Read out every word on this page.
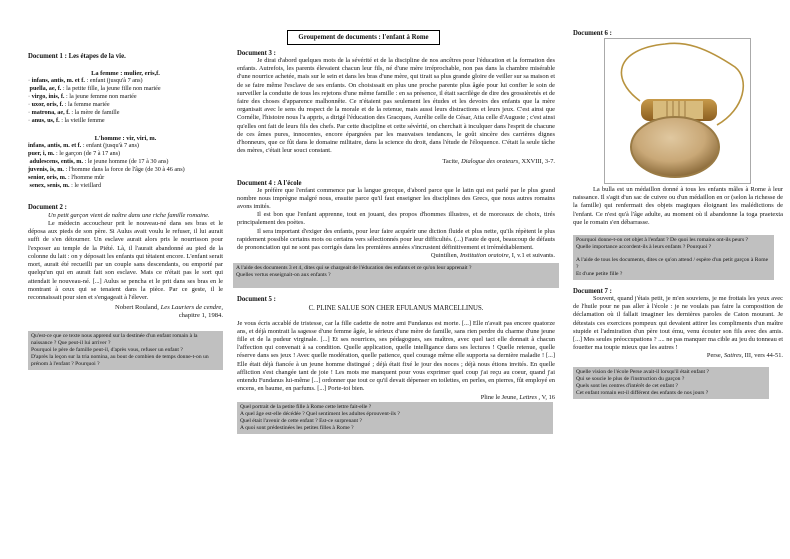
Groupement de documents : l'enfant à Rome

Document 1 : Les étapes de la vie.

La femme : mulier, eris,f.

· infans, antis, m. et f. : enfant (jusqu'à 7 ans)

puella, ae, f. : la petite fille, la jeune fille non mariée

· virgo, inis, f. : la jeune femme non mariée

· uxor, oris, f. : la femme mariée

· matrona, ae, f. : la mère de famille

· anus, us, f. : la vieille femme

L'homme : vir, viri, m.

infans, antis, m. et f. : enfant (jusqu'à 7 ans)

puer, i, m. : le garçon (de 7 à 17 ans)

adulescens, entis, m. : le jeune homme (de 17 à 30 ans)

juvenis, is, m. : l'homme dans la force de l'âge (de 30 à 46 ans)

senior, oris, m. : l'homme mûr

senex, senis, m. : le vieillard

Document 2 :

Un petit garçon vient de naître dans une riche famille romaine.

Le médecin accoucheur prit le nouveau-né dans ses bras et le déposa aux pieds de son père. Si Aulus avait voulu le refuser, il lui aurait suffi de s'en détourner. Un esclave aurait alors pris le nourrisson pour l'exposer au temple de la Piété. Là, il l'aurait abandonné au pied de la colonne du lait : on y déposait les enfants qui tètaient encore. L'enfant serait mort, aurait été recueilli par un couple sans descendants, ou emporté par quelqu'un qui en aurait fait son esclave. Mais ce n'était pas le sort qui attendait le nouveau-né. [...] Aulus se pencha et le prit dans ses bras en le montrant à ceux qui se tenaient dans la pièce. Par ce geste, il le reconnaissait pour sien et s'engageait à l'élever.

Nobert Rouland, Les Lauriers de cendre,

chapitre 1, 1984.

Qu'est-ce que ce texte nous apprend sur la destinée d'un enfant romain à la naissance ? Que peut-il lui arriver ?
Pourquoi le père de famille peut-il, d'après vous, refuser un enfant ?
D'après la leçon sur la tria nomina, au bout de combien de temps donne-t-on un prénom à l'enfant ? Pourquoi ?

Document 3 :

Je dirai d'abord quelques mots de la sévérité et de la discipline de nos ancêtres pour l'éducation et la formation des enfants. Autrefois, les parents élevaient chacun leur fils, né d'une mère irréprochable, non pas dans la chambre misérable d'une nourrice achetée, mais sur le sein et dans les bras d'une mère, qui tirait sa plus grande gloire de veiller sur sa maison et de se faire même l'esclave de ses enfants. On choisissait en plus une proche parente plus âgée pour lui confier le soin de surveiller la conduite de tous les rejetons d'une même famille : en sa présence, il était sacrilège de dire des grossièretés et de faire des choses d'apparence malhonnête. Ce n'étaient pas seulement les études et les devoirs des enfants que la mère organisait avec le sens du respect de la morale et de la retenue, mais aussi leurs distractions et leurs jeux. C'est ainsi que Cornélie, l'histoire nous l'a appris, a dirigé l'éducation des Gracques, Aurélie celle de César, Atia celle d'Auguste ; c'est ainsi qu'elles ont fait de leurs fils des chefs. Par cette discipline et cette sévérité, on cherchait à inculquer dans l'esprit de chacune de ces âmes pures, innocentes, encore épargnées par les mauvaises tendances, le goût sincère des carrières dignes d'honneurs, que ce fût dans le domaine militaire, dans la science du droit, dans l'étude de l'éloquence. C'était la seule tâche des mères, c'était leur souci constant.

Tacite, Dialogue des orateurs, XXVIII, 3-7.

Document 4 : A l'école

Je préfère que l'enfant commence par la langue grecque, d'abord parce que le latin qui est parlé par le plus grand nombre nous imprègne malgré nous, ensuite parce qu'il faut enseigner les disciplines des Grecs, que nous autres romains avons imités.

Il est bon que l'enfant apprenne, tout en jouant, des propos d'hommes illustres, et de morceaux de choix, tirés principalement des poètes.

Il sera important d'exiger des enfants, pour leur faire acquérir une diction fluide et plus nette, qu'ils répètent le plus rapidement possible certains mots ou certains vers sélectionnés pour leur difficultés. (...) Faute de quoi, beaucoup de défauts de prononciation qui ne sont pas corrigés dans les premières années s'incrustent définitivement et irrémédiablement.

Quintilien, Institution oratoire, I, v.1 et suivants.

A l'aide des documents 3 et 4, dites qui se chargeait de l'éducation des enfants et ce qu'on leur apprenait ?
Quelles vertus enseignait-on aux enfants ?

Document 5 :

C. PLINE SALUE SON CHER EFULANUS MARCELLINUS.

Je vous écris accablé de tristesse, car la fille cadette de notre ami Fundanus est morte. [...] Elle n'avait pas encore quatorze ans, et déjà montrait la sagesse d'une femme âgée, le sérieux d'une mère de famille, sans rien perdre du charme d'une jeune fille et de la pudeur virginale. [...] Et ses nourrices, ses pédagogues, ses maîtres, avec quel tact elle donnait à chacun l'affection qui convenait à sa condition. Quelle application, quelle intelligance dans ses lectures ! Quelle retenue, quelle réserve dans ses jeux ! Avec quelle modération, quelle patience, quel courage même elle supporta sa dernière maladie ! [...] Elle était déjà fiancée à un jeune homme distingué ; déjà était fixé le jour des noces ; déjà nous étions invités. En quelle affliction s'est changée tant de joie ! Les mots me manquent pour vous exprimer quel coup j'ai reçu au coeur, quand j'ai entendu Fundanus lui-même [...] ordonner que tout ce qu'il devait dépenser en toilettes, en perles, en pierres, fût employé en encens, en baume, en parfums. [...] Porte-toi bien.

Pline le Jeune, Lettres , V, 16

Quel portrait de la petite fille à Rome cette lettre fait-elle ?
A quel âge est-elle décédée ? Quel sentiment les adultes éprouvent-ils ?
Quel était l'avenir de cette enfant ? Est-ce surprenant ?
A quoi sont prédestinées les petites filles à Rome ?

Document 6 :

La bulla est un médaillon donné à tous les enfants mâles à Rome à leur naissance. Il s'agit d'un sac de cuivre ou d'un médaillon en or (selon la richesse de la famille) qui renfermait des objets magiques éloignant les malédictions de l'enfant. Ce n'est qu'à l'âge adulte, au moment où il abandonne la toga praetexta que le romain s'en débarrasse.

Pourquoi donne-t-on cet objet à l'enfant ? De quoi les romains ont-ils peurs ?
Quelle importance accordent-ils à leurs enfants ? Pourquoi ?
A l'aide de tous les documents, dites ce qu'on attend / espère d'un petit garçon à Rome ?
Et d'une petite fille ?

Document 7 :

Souvent, quand j'étais petit, je m'en souviens, je me frottais les yeux avec de l'huile pour ne pas aller à l'école : je ne voulais pas faire la composition de déclamation où il fallait imaginer les dernières paroles de Caton mourant. Je détestais ces exercices pompeux qui devaient attirer les compliments d'un maître stupide et l'admiration d'un père tout ému, venu écouter son fils avec des amis. [...] Mes seules préoccupations ? .... ne pas manquer ma cible au jeu du tonneau et fouetter ma toupie mieux que les autres !

Perse, Satires, III, vers 44-51.

Quelle vision de l'école Perse avait-il lorsqu'il était enfant ?
Qui se soucie le plus de l'instruction du garçon ?
Quels sont les centres d'intérêt de cet enfant ?
Cet enfant romain est-il différent des enfants de nos jours ?
